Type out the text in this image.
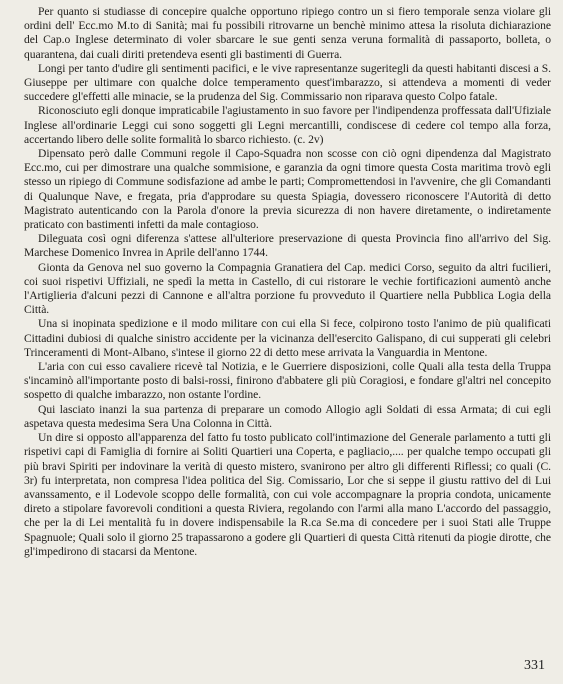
Per quanto si studiasse di concepire qualche opportuno ripiego contro un si fiero temporale senza violare gli ordini dell' Ecc.mo M.to di Sanità; mai fu possibili ritrovarne un benchè minimo attesa la risoluta dichiarazione del Cap.o Inglese determinato di voler sbarcare le sue genti senza veruna formalità di passaporto, bolleta, o quarantena, dai cuali diriti pretendeva esenti gli bastimenti di Guerra.

Longi per tanto d'udire gli sentimenti pacifici, e le vive rapresentanze sugeritegli da questi habitanti discesi a S. Giuseppe per ultimare con qualche dolce temperamento quest'imbarazzo, si attendeva a momenti di veder succedere gl'effetti alle minacie, se la prudenza del Sig. Commissario non riparava questo Colpo fatale.

Riconosciuto egli donque impraticabile l'agiustamento in suo favore per l'indipendenza proffessata dall'Ufiziale Inglese all'ordinarie Leggi cui sono soggetti gli Legni mercantilli, condiscese di cedere col tempo alla forza, accertando libero delle solite formalità lo sbarco richiesto. (c. 2v)

Dipensato però dalle Communi regole il Capo-Squadra non scosse con ciò ogni dipendenza dal Magistrato Ecc.mo, cui per dimostrare una qualche sommisione, e garanzia da ogni timore questa Costa maritima trovò egli stesso un ripiego di Commune sodisfazione ad ambe le parti; Compromettendosi in l'avvenire, che gli Comandanti di Qualunque Nave, e fregata, pria d'approdare su questa Spiagia, dovessero riconoscere l'Autorità di detto Magistrato autenticando con la Parola d'onore la previa sicurezza di non havere diretamente, o indiretamente praticato con bastimenti infetti da male contagioso.

Dileguata così ogni diferenza s'attese all'ulteriore preservazione di questa Provincia fino all'arrivo del Sig. Marchese Domenico Invrea in Aprile dell'anno 1744.

Gionta da Genova nel suo governo la Compagnia Granatiera del Cap. medici Corso, seguito da altri fucilieri, coi suoi rispetivi Uffiziali, ne spedì la metta in Castello, di cui ristorare le vechie fortificazioni aumentò anche l'Artiglieria d'alcuni pezzi di Cannone e all'altra porzione fu provveduto il Quartiere nella Pubblica Logia della Città.

Una si inopinata spedizione e il modo militare con cui ella Si fece, colpirono tosto l'animo de più qualificati Cittadini dubiosi di qualche sinistro accidente per la vicinanza dell'esercito Galispano, di cui supperati gli celebri Trinceramenti di Mont-Albano, s'intese il giorno 22 di detto mese arrivata la Vanguardia in Mentone.

L'aria con cui esso cavaliere ricevè tal Notizia, e le Guerriere disposizioni, colle Quali alla testa della Truppa s'incaminò all'importante posto di balsi-rossi, finirono d'abbatere gli più Coragiosi, e fondare gl'altri nel concepito sospetto di qualche imbarazzo, non ostante l'ordine.

Qui lasciato inanzi la sua partenza di preparare un comodo Allogio agli Soldati di essa Armata; di cui egli aspetava questa medesima Sera Una Colonna in Città.

Un dire si opposto all'apparenza del fatto fu tosto publicato coll'intimazione del Generale parlamento a tutti gli rispetivi capi di Famiglia di fornire ai Soliti Quartieri una Coperta, e pagliacio,.... per qualche tempo occupati gli più bravi Spiriti per indovinare la verità di questo mistero, svanirono per altro gli differenti Riflessi; co quali (C. 3r) fu interpretata, non compresa l'idea politica del Sig. Comissario, Lor che si seppe il giustu rattivo del di Lui avanssamento, e il Lodevole scoppo delle formalità, con cui vole accompagnare la propria condota, unicamente direto a stipolare favorevoli conditioni a questa Riviera, regolando con l'armi alla mano L'accordo del passaggio, che per la di Lei mentalità fu in dovere indispensabile la R.ca Se.ma di concedere per i suoi Stati alle Truppe Spagnuole; Quali solo il giorno 25 trapassarono a godere gli Quartieri di questa Città ritenuti da piogie dirotte, che gl'impedirono di stacarsi da Mentone.

331
